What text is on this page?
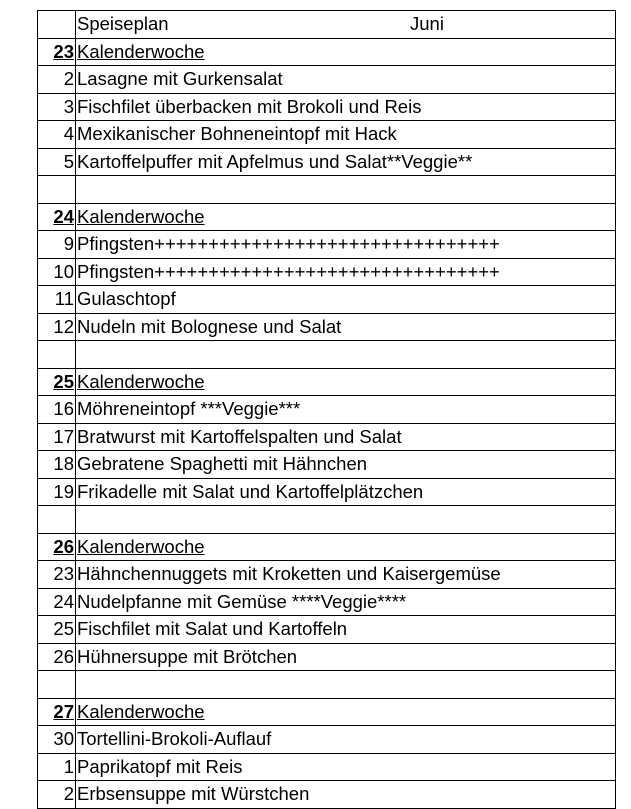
	Speiseplan Juni

23	Kalenderwoche
2	Lasagne mit Gurkensalat
3	Fischfilet überbacken mit Brokoli und Reis
4	Mexikanischer Bohneneintopf mit Hack
5	Kartoffelpuffer mit Apfelmus und Salat**Veggie**

24	Kalenderwoche
9	Pfingsten++++++++++++++++++++++++++++++++
10	Pfingsten++++++++++++++++++++++++++++++++
11	Gulaschtopf
12	Nudeln mit Bolognese und Salat

25	Kalenderwoche
16	Möhreneintopf ***Veggie***
17	Bratwurst mit Kartoffelspalten und Salat
18	Gebratene Spaghetti mit Hähnchen
19	Frikadelle mit Salat und Kartoffelplätzchen

26	Kalenderwoche
23	Hähnchennuggets mit Kroketten und Kaisergemüse
24	Nudelpfanne mit Gemüse ****Veggie****
25	Fischfilet mit Salat und Kartoffeln
26	Hühnersuppe mit Brötchen

27	Kalenderwoche
30	Tortellini-Brokoli-Auflauf
1	Paprikatopf mit Reis
2	Erbsensuppe mit Würstchen
